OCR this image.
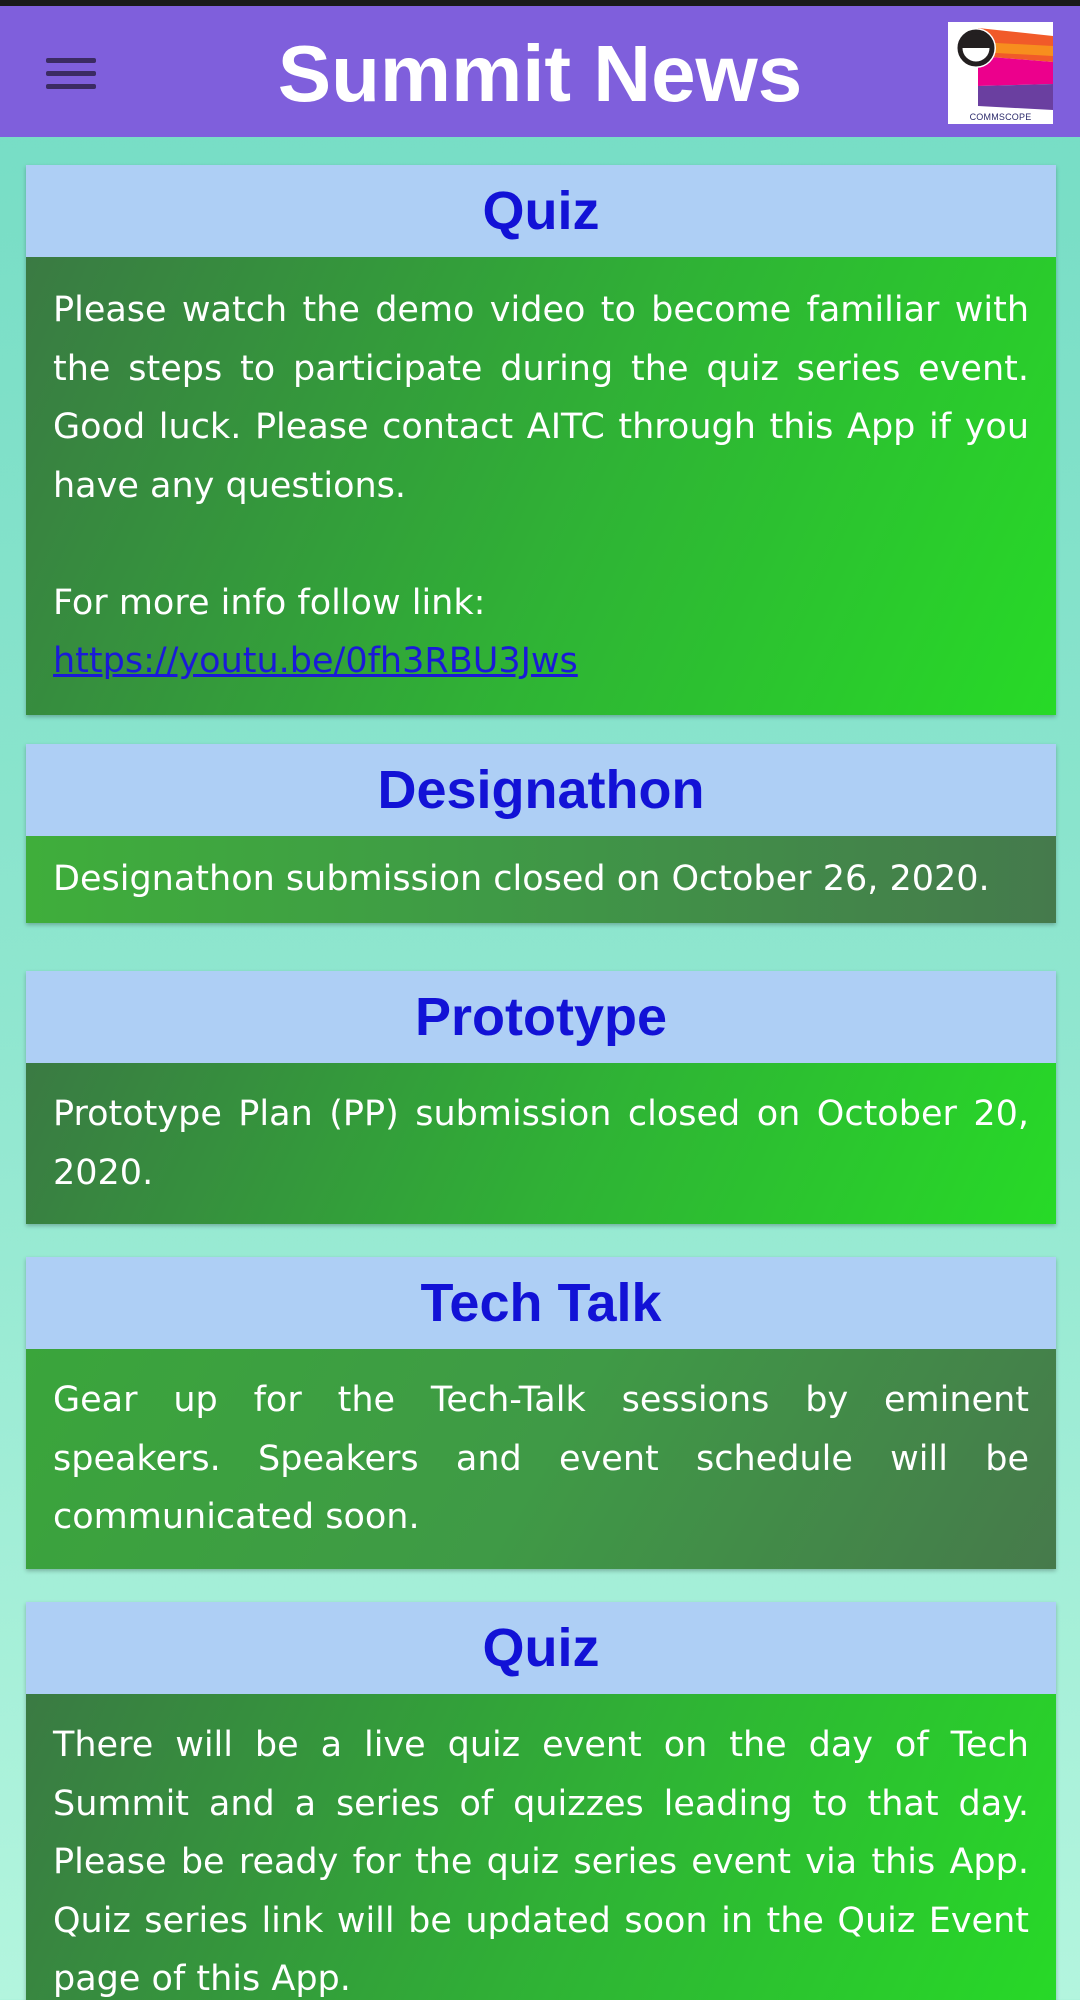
Summit News	COMMSCOPE
Quiz

Please watch the demo video to become familiar with the steps to participate during the quiz series event. Good luck. Please contact AITC through this App if you have any questions.

For more info follow link:

https://youtu.be/0fh3RBU3Jws

Designathon

Designathon submission closed on October 26, 2020.

Prototype

Prototype Plan (PP) submission closed on October 20, 2020.

Tech Talk

Gear up for the Tech-Talk sessions by eminent speakers. Speakers and event schedule will be communicated soon.

Quiz

There will be a live quiz event on the day of Tech Summit and a series of quizzes leading to that day. Please be ready for the quiz series event via this App. Quiz series link will be updated soon in the Quiz Event page of this App.
